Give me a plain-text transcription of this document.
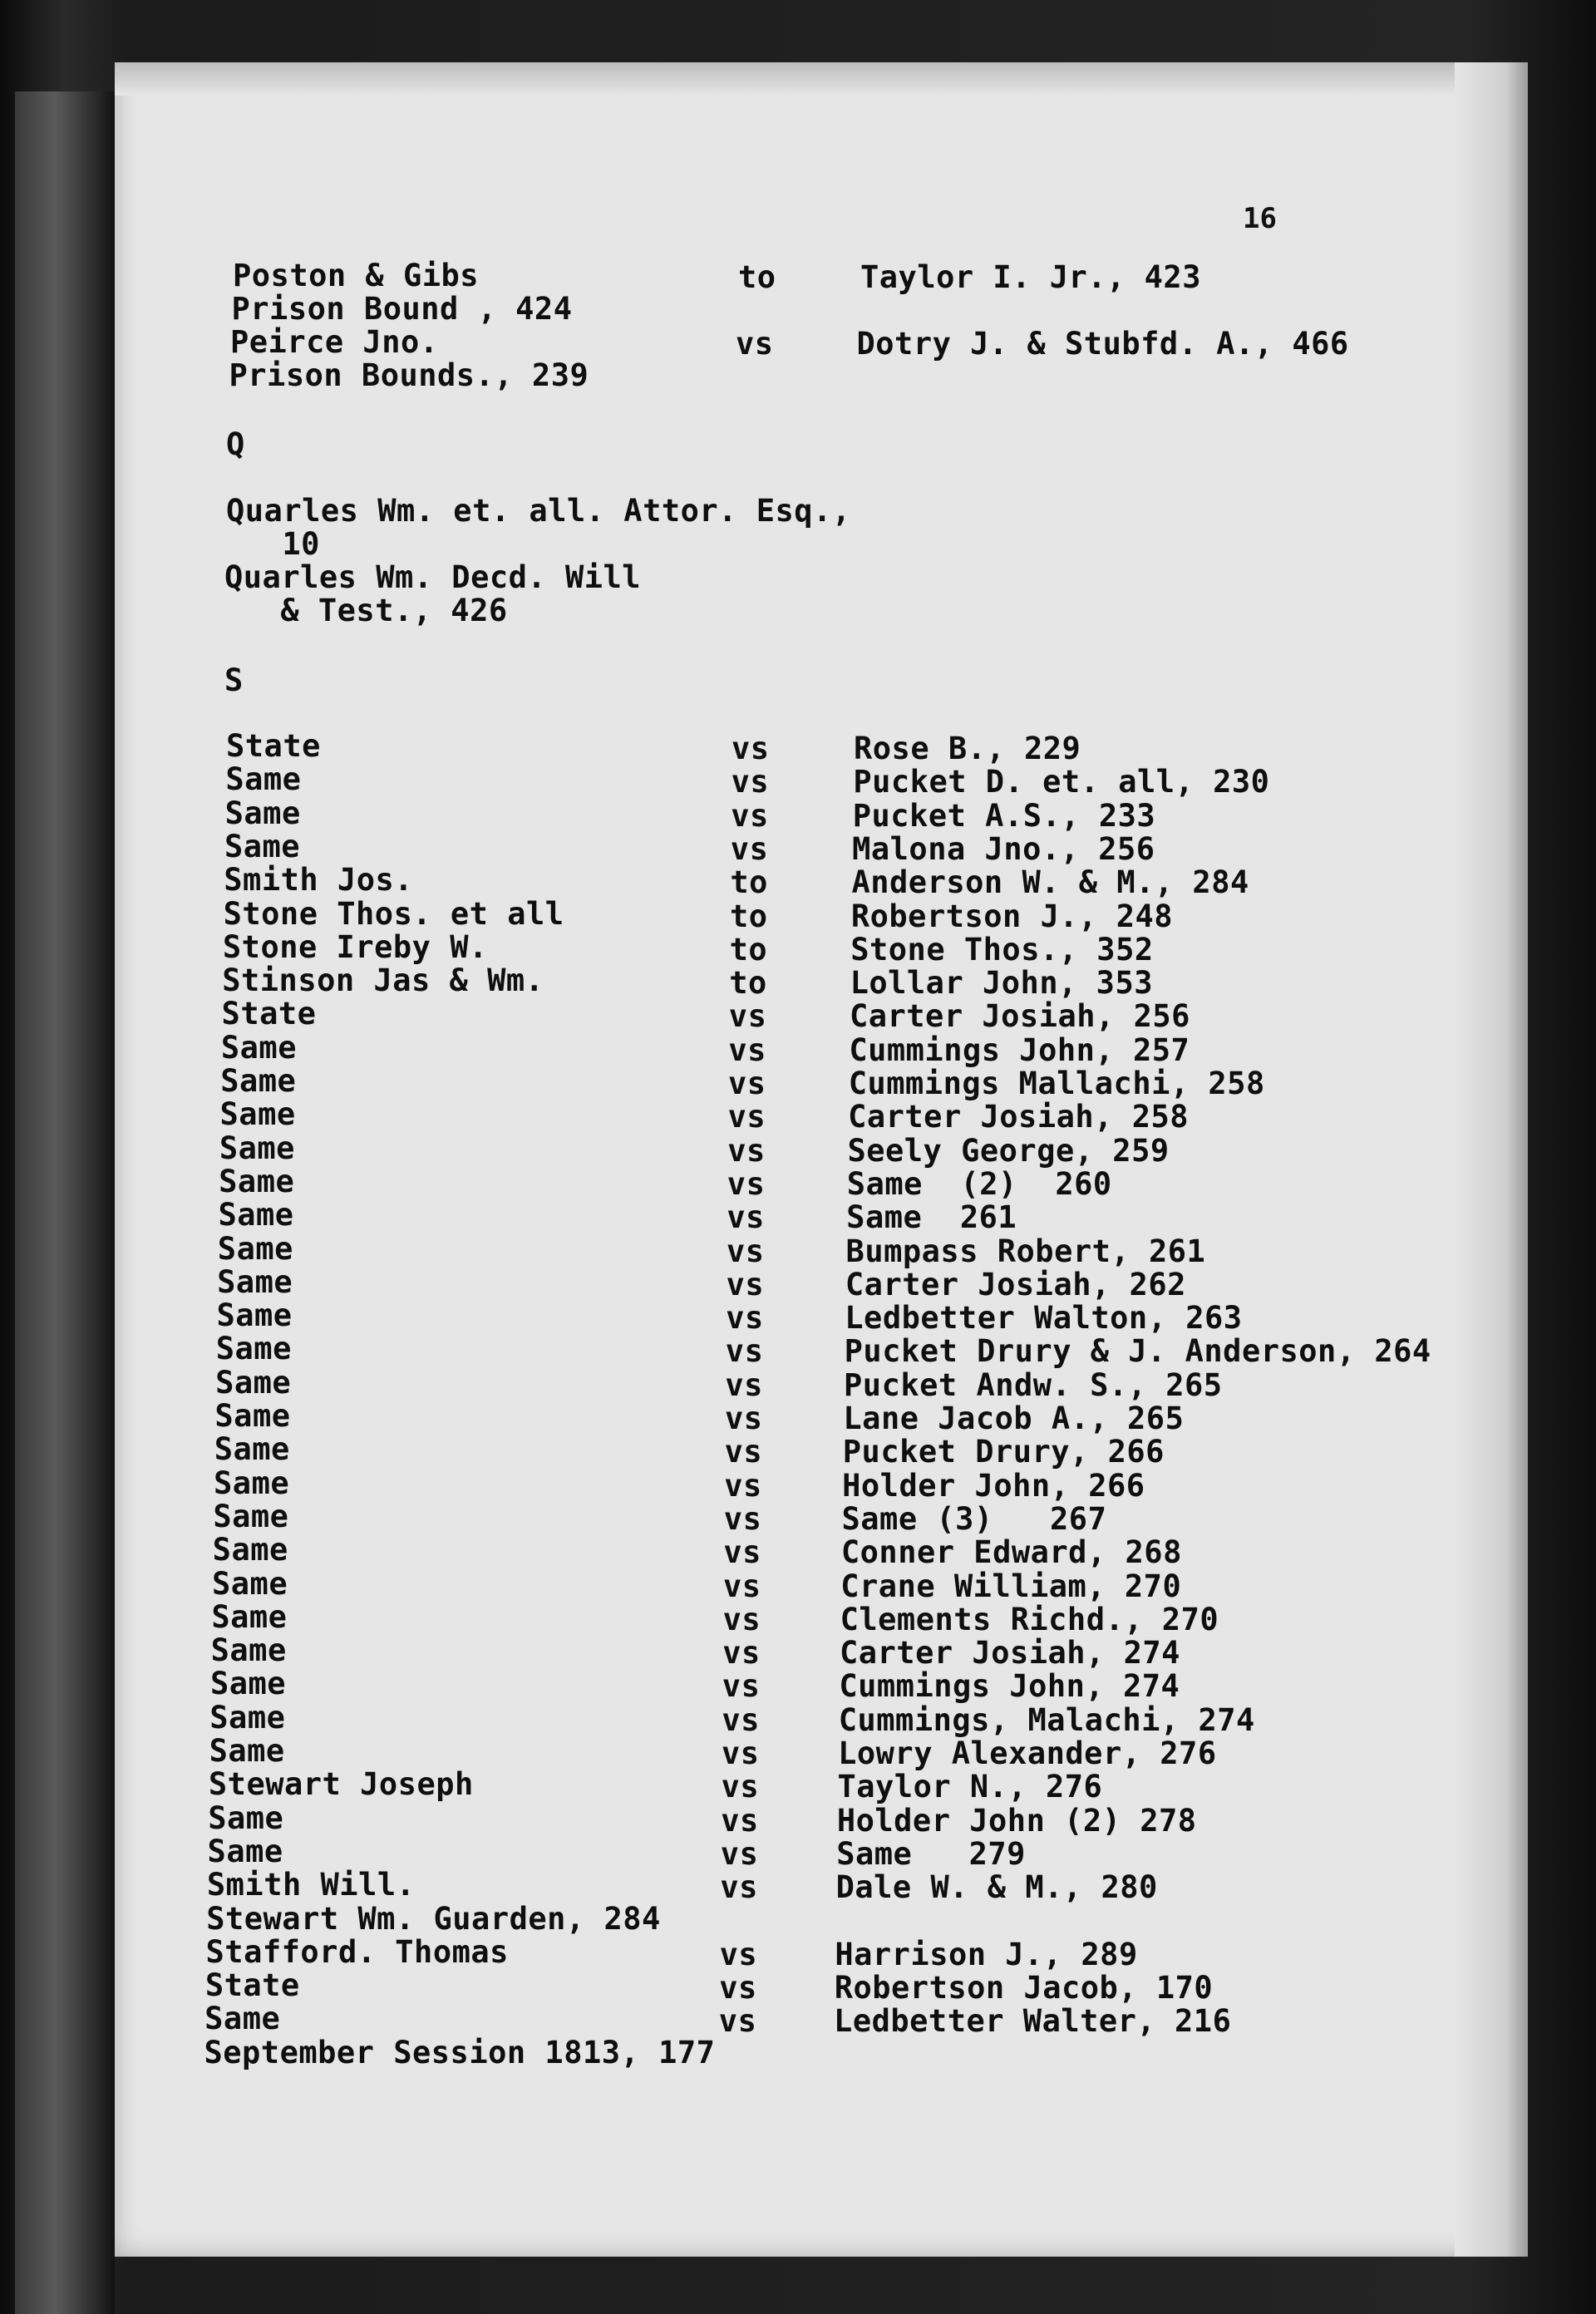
16
Poston & Gibs	to	Taylor I. Jr., 423
Prison Bound , 424
Peirce Jno.	vs	Dotry J. & Stubfd. A., 466
Prison Bounds., 239
Q
Quarles Wm. et. all. Attor. Esq.,
10
Quarles Wm. Decd. Will
& Test., 426
S
State	vs	Rose B., 229
Same	vs	Pucket D. et. all, 230
Same	vs	Pucket A.S., 233
Same	vs	Malona Jno., 256
Smith Jos.	to	Anderson W. & M., 284
Stone Thos. et all	to	Robertson J., 248
Stone Ireby W.	to	Stone Thos., 352
Stinson Jas & Wm.	to	Lollar John, 353
State	vs	Carter Josiah, 256
Same	vs	Cummings John, 257
Same	vs	Cummings Mallachi, 258
Same	vs	Carter Josiah, 258
Same	vs	Seely George, 259
Same	vs	Same  (2)  260
Same	vs	Same  261
Same	vs	Bumpass Robert, 261
Same	vs	Carter Josiah, 262
Same	vs	Ledbetter Walton, 263
Same	vs	Pucket Drury & J. Anderson, 264
Same	vs	Pucket Andw. S., 265
Same	vs	Lane Jacob A., 265
Same	vs	Pucket Drury, 266
Same	vs	Holder John, 266
Same	vs	Same (3)   267
Same	vs	Conner Edward, 268
Same	vs	Crane William, 270
Same	vs	Clements Richd., 270
Same	vs	Carter Josiah, 274
Same	vs	Cummings John, 274
Same	vs	Cummings, Malachi, 274
Same	vs	Lowry Alexander, 276
Stewart Joseph	vs	Taylor N., 276
Same	vs	Holder John (2) 278
Same	vs	Same   279
Smith Will.	vs	Dale W. & M., 280
Stewart Wm. Guarden, 284
Stafford. Thomas	vs	Harrison J., 289
State	vs	Robertson Jacob, 170
Same	vs	Ledbetter Walter, 216
September Session 1813, 177
